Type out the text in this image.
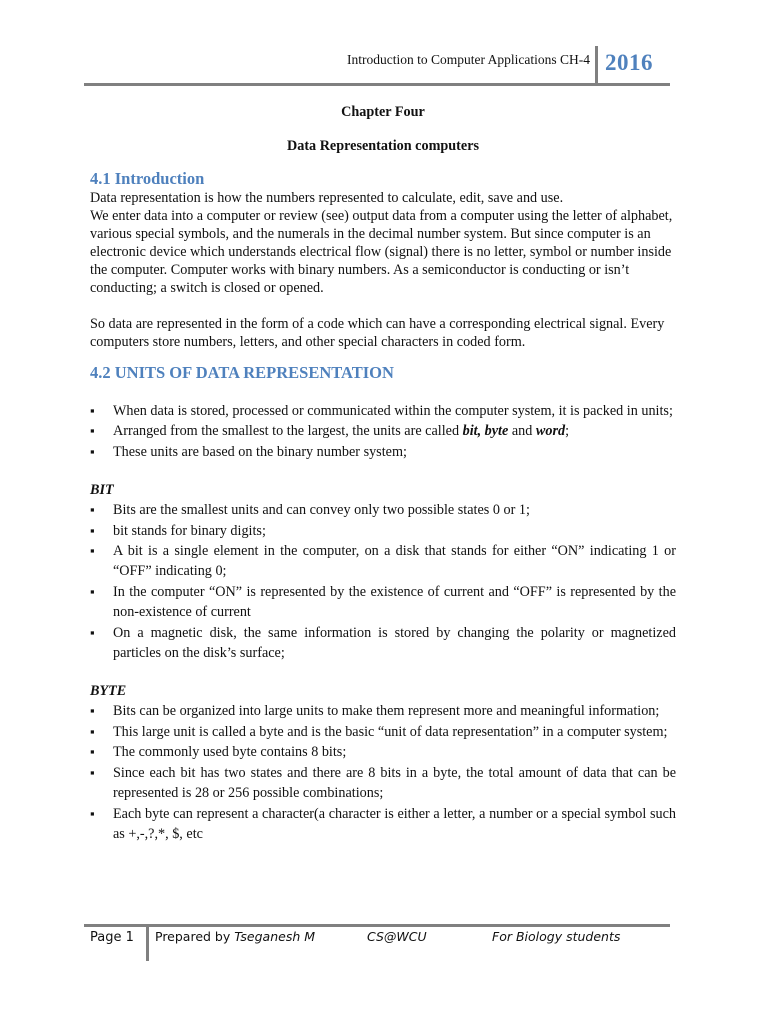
Introduction to Computer Applications CH-4 2016
Chapter Four
Data Representation computers
4.1 Introduction

Data representation is how the numbers represented to calculate, edit, save and use.

We enter data into a computer or review (see) output data from a computer using the letter of alphabet, various special symbols, and the numerals in the decimal number system. But since computer is an electronic device which understands electrical flow (signal) there is no letter, symbol or number inside the computer. Computer works with binary numbers. As a semiconductor is conducting or isn’t conducting; a switch is closed or opened.

So data are represented in the form of a code which can have a corresponding electrical signal. Every computers store numbers, letters, and other special characters in coded form.

4.2 UNITS OF DATA REPRESENTATION
▪ When data is stored, processed or communicated within the computer system, it is packed in units;
▪ Arranged from the smallest to the largest, the units are called bit, byte and word;
▪ These units are based on the binary number system;
BIT
▪ Bits are the smallest units and can convey only two possible states 0 or 1;
▪ bit stands for binary digits;
▪ A bit is a single element in the computer, on a disk that stands for either “ON” indicating 1 or “OFF” indicating 0;
▪ In the computer “ON” is represented by the existence of current and “OFF” is represented by the non-existence of current
▪ On a magnetic disk, the same information is stored by changing the polarity or magnetized particles on the disk’s surface;
BYTE
▪ Bits can be organized into large units to make them represent more and meaningful information;
▪ This large unit is called a byte and is the basic “unit of data representation” in a computer system;
▪ The commonly used byte contains 8 bits;
▪ Since each bit has two states and there are 8 bits in a byte, the total amount of data that can be represented is 28 or 256 possible combinations;
▪ Each byte can represent a character(a character is either a letter, a number or a special symbol such as +,-,?,*, $, etc
Page 1 Prepared by Tseganesh M	CS@WCU	For Biology students
